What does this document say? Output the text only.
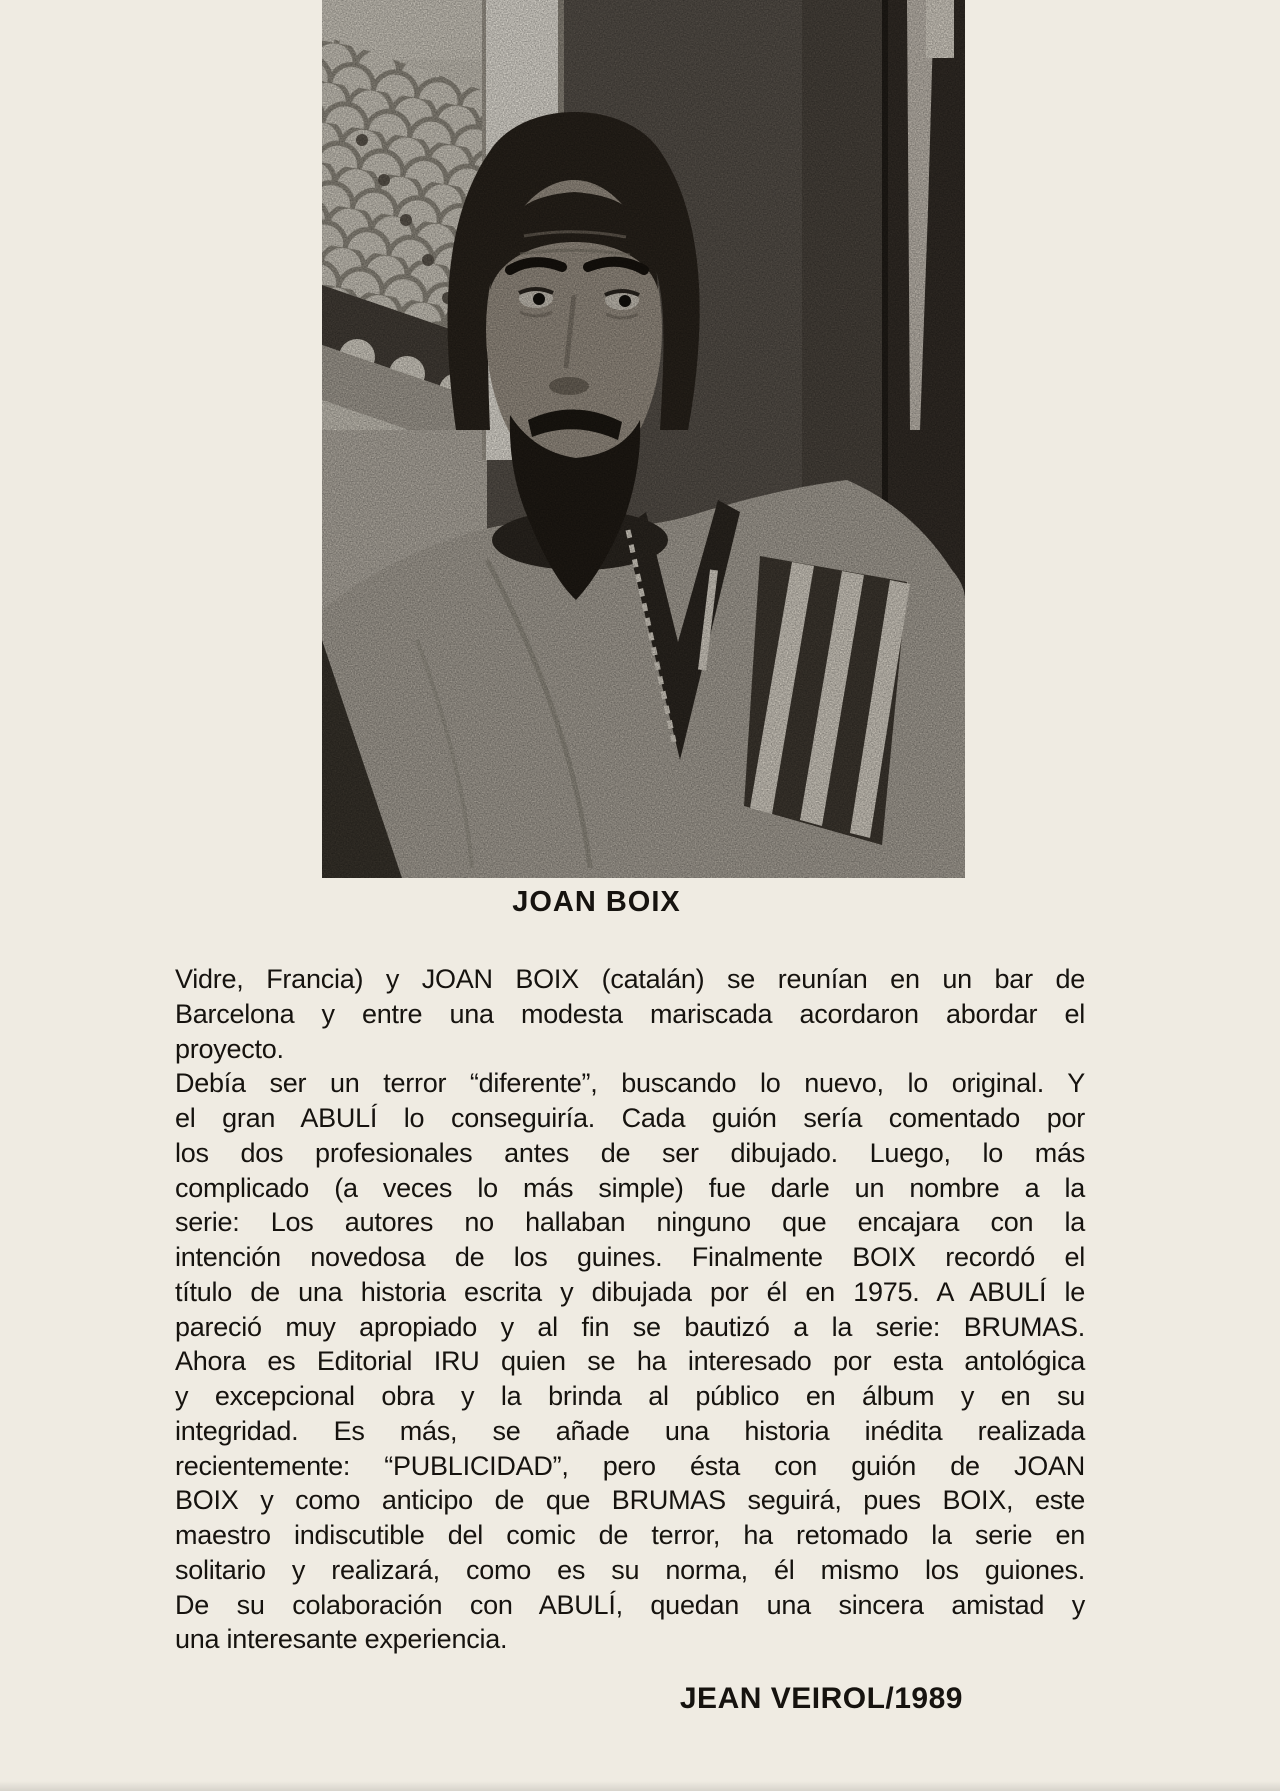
JOAN BOIX
Vidre, Francia) y JOAN BOIX (catalán) se reunían en un bar de
Barcelona y entre una modesta mariscada acordaron abordar el
proyecto.
Debía ser un terror “diferente”, buscando lo nuevo, lo original. Y
el gran ABULÍ lo conseguiría. Cada guión sería comentado por
los dos profesionales antes de ser dibujado. Luego, lo más
complicado (a veces lo más simple) fue darle un nombre a la
serie: Los autores no hallaban ninguno que encajara con la
intención novedosa de los guines. Finalmente BOIX recordó el
título de una historia escrita y dibujada por él en 1975. A ABULÍ le
pareció muy apropiado y al fin se bautizó a la serie: BRUMAS.
Ahora es Editorial IRU quien se ha interesado por esta antológica
y excepcional obra y la brinda al público en álbum y en su
integridad. Es más, se añade una historia inédita realizada
recientemente: “PUBLICIDAD”, pero ésta con guión de JOAN
BOIX y como anticipo de que BRUMAS seguirá, pues BOIX, este
maestro indiscutible del comic de terror, ha retomado la serie en
solitario y realizará, como es su norma, él mismo los guiones.
De su colaboración con ABULÍ, quedan una sincera amistad y
una interesante experiencia.
JEAN VEIROL/1989
